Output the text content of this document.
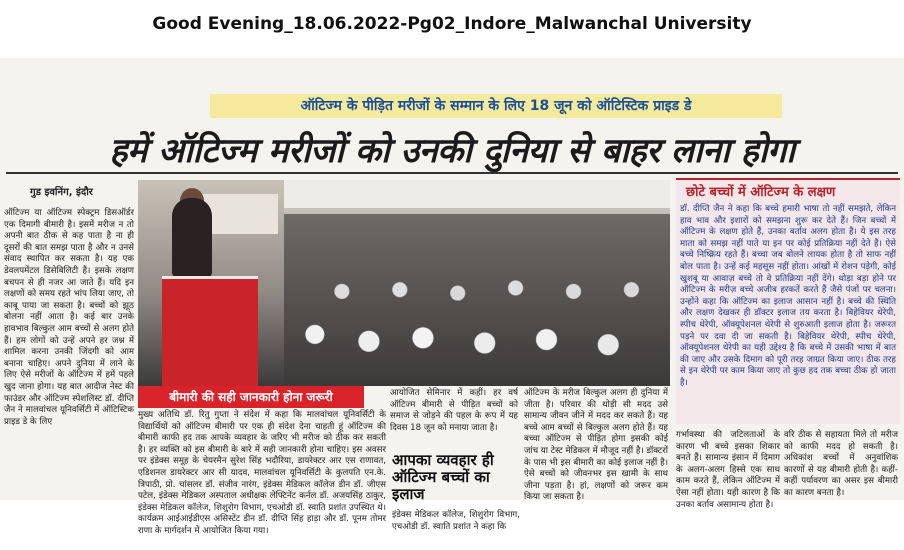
Good Evening_18.06.2022-Pg02_Indore_Malwanchal University
ऑटिज्म के पीड़ित मरीजों के सम्मान के लिए 18 जून को ऑटिस्टिक प्राइड डे
हमें ऑटिज्म मरीजों को उनकी दुनिया से बाहर लाना होगा
गुड इवनिंग, इंदौर
ऑटिज्म या ऑटिज्म स्पेक्ट्रम डिसऑर्डर एक दिमागी बीमारी है। इसमें मरीज न तो अपनी बात ठीक से कह पाता है ना ही दूसरों की बात समझ पाता है और न उनसे संवाद स्थापित कर सकता है। यह एक डेवलपमेंटल डिसेबिलिटी है। इसके लक्षण बचपन से ही नजर आ जाते हैं। यदि इन लक्षणों को समय रहते भांप लिया जाए, तो काबू पाया जा सकता है। बच्चों को झूठ बोलना नहीं आता है। कई बार उनके हावभाव बिल्कुल आम बच्चों से अलग होते हैं। हम लोगों को उन्हें अपने हर जश्न में शामिल करना उनकी जिंदगी को आम बनाना चाहिए। अपने दुनिया में लाने के लिए ऐसे मरीजों के ऑटिज्म में हमें पहले खुद जाना होगा। यह बात आदीज नेस्ट की फाउंडर और ऑटिज्म स्पेशलिस्ट डॉ. दीप्ति जैन ने मालवांचल यूनिवर्सिटी में ऑटिस्टिक प्राइड डे के लिए
बीमारी की सही जानकारी होना जरूरी
मुख्य अतिथि डॉ. रितु गुप्ता ने संदेश में कहा कि मालवांचल यूनिवर्सिटी के विद्यार्थियों को ऑटिज्म बीमारी पर एक ही संदेश देना चाहती हूं ऑटिज्म की बीमारी काफी हद तक आपके व्यवहार के जरिए भी मरीज को ठीक कर सकती है। हर व्यक्ति को इस बीमारी के बारे में सही जानकारी होना चाहिए। इस अवसर पर इंडेक्स समूह के चेयरमैन सुरेश सिंह भदौरिया, डायरेक्टर आर एस राणावत, एडिशनल डायरेक्टर आर सी यादव, मालवांचल यूनिवर्सिटी के कुलपति एन.के. त्रिपाठी, प्रो. चांसलर डॉ. संजीव नारंग, इंडेक्स मेडिकल कॉलेज डीन डॉ. जीएस पटेल, इंडेक्स मेडिकल अस्पताल अधीक्षक लेफ्टिनेंट कर्नल डॉ. अजयसिंह ठाकुर, इंडेक्स मेडिकल कॉलेज, शिशुरोग विभाग, एचओडी डॉ. स्वाति प्रशांत उपस्थित थे। कार्यक्रम आईआईडीएस असिस्टेंट डीन डॉ. दीप्ति सिंह हाड़ा और डॉ. पूनम तोमर राणा के मार्गदर्शन में आयोजित किया गया।
आयोजित सेमिनार में कहीं। हर वर्ष ऑटिज्म बीमारी से पीड़ित बच्चों को समाज से जोड़ने की पहल के रूप में यह दिवस 18 जून को मनाया जाता है।
आपका व्यवहार ही ऑटिज्म बच्चों का इलाज
इंडेक्स मेडिकल कॉलेज, शिशुरोग विभाग, एचओडी डॉ. स्वाति प्रशांत ने कहा कि
ऑटिज्म के मरीज बिल्कुल अलग ही दुनिया में जीता है। परिवार की थोड़ी सी मदद उसे सामान्य जीवन जीने में मदद कर सकते हैं। यह बच्चे आम बच्चों से बिल्कुल अलग होते हैं। यह बच्चा ऑटिज्म से पीड़ित होगा इसकी कोई जांच या टेस्ट मेडिकल में मौजूद नहीं है। डॉक्टरों के पास भी इस बीमारी का कोई इलाज नहीं है। ऐसे बच्चों को जीवनभर इस खामी के साथ जीना पड़ता है। हां, लक्षणों को जरूर कम किया जा सकता है।
छोटे बच्चों में ऑटिज्म के लक्षण
डॉ. दीप्ति जैन ने कहा कि बच्चे हमारी भाषा तो नहीं समझते, लेकिन हाव भाव और इशारों को समझना शुरू कर देते हैं। जिन बच्चों में ऑटिज्म के लक्षण होते हैं, उनका बर्ताव अलग होता है। ये इस तरह माता को समझ नहीं पाते या इन पर कोई प्रतिक्रिया नहीं देते हैं। ऐसे बच्चे निष्क्रिय रहते हैं। बच्चा जब बोलने लायक होता है तो साफ नहीं बोल पाता है। उन्हें कई महसूस नहीं होता। आंखों में रोशन पड़ेगी, कोई खुशबू या आवाज़ बच्चे तो वे प्रतिक्रिया नहीं देंगे। थोड़ा बड़ा होने पर ऑटिज्म के मरीज़ बच्चे अजीब हरकतें करते हैं जैसे पंजों पर चलना। उन्होंने कहा कि ऑटिज्म का इलाज आसान नहीं है। बच्चे की स्थिति और लक्षण देखकर ही डॉक्टर इलाज तय करता है। बिहेवियर थेरेपी, स्पीच थेरेपी, ऑक्यूपेशनल थेरेपी से शुरुआती इलाज होता है। जरूरत पड़ने पर दवा दी जा सकती है। बिहेवियर थेरेपी, स्पीच थेरेपी, ऑक्यूपेशनल थेरेपी का यही उद्देश्य है कि बच्चे में उसकी भाषा में बात की जाए और उसके दिमाग को पूरी तरह जाग्रत किया जाए। ठीक तरह से इन थेरेपी पर काम किया जाए तो कुछ हद तक बच्चा ठीक हो जाता है।
गर्भावस्था की जटिलताओं के कारण भी बच्चे इसका शिकार बनते हैं। सामान्य इंसान में दिमाग के अलग-अलग हिस्से एक साथ काम करते हैं, लेकिन ऑटिज्म में ऐसा नहीं होता। यही कारण है कि उनका बर्ताव असामान्य होता है।
वरि ठीक से सहायता मिले तो मरीज को काफी मदद हो सकती है। अधिकांश बच्चों में अनुवांशिक कारणों से यह बीमारी होती है। कहीं-कहीं पर्यावरण का असर इस बीमारी का कारण बनता है।
